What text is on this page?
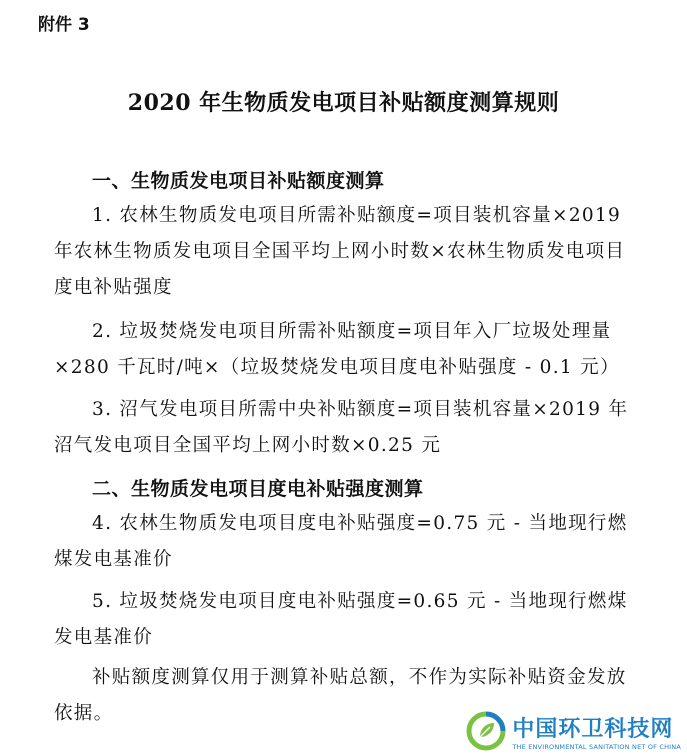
附件 3
2020 年生物质发电项目补贴额度测算规则
一、生物质发电项目补贴额度测算

1. 农林生物质发电项目所需补贴额度=项目装机容量×2019 年农林生物质发电项目全国平均上网小时数×农林生物质发电项目度电补贴强度

2. 垃圾焚烧发电项目所需补贴额度=项目年入厂垃圾处理量×280 千瓦时/吨×（垃圾焚烧发电项目度电补贴强度 - 0.1 元）

3. 沼气发电项目所需中央补贴额度=项目装机容量×2019 年沼气发电项目全国平均上网小时数×0.25 元

二、生物质发电项目度电补贴强度测算

4. 农林生物质发电项目度电补贴强度=0.75 元 - 当地现行燃煤发电基准价

5. 垃圾焚烧发电项目度电补贴强度=0.65 元 - 当地现行燃煤发电基准价

补贴额度测算仅用于测算补贴总额，不作为实际补贴资金发放依据。

中国环卫科技网
THE ENVIRONMENTAL SANITATION NET OF CHINA
